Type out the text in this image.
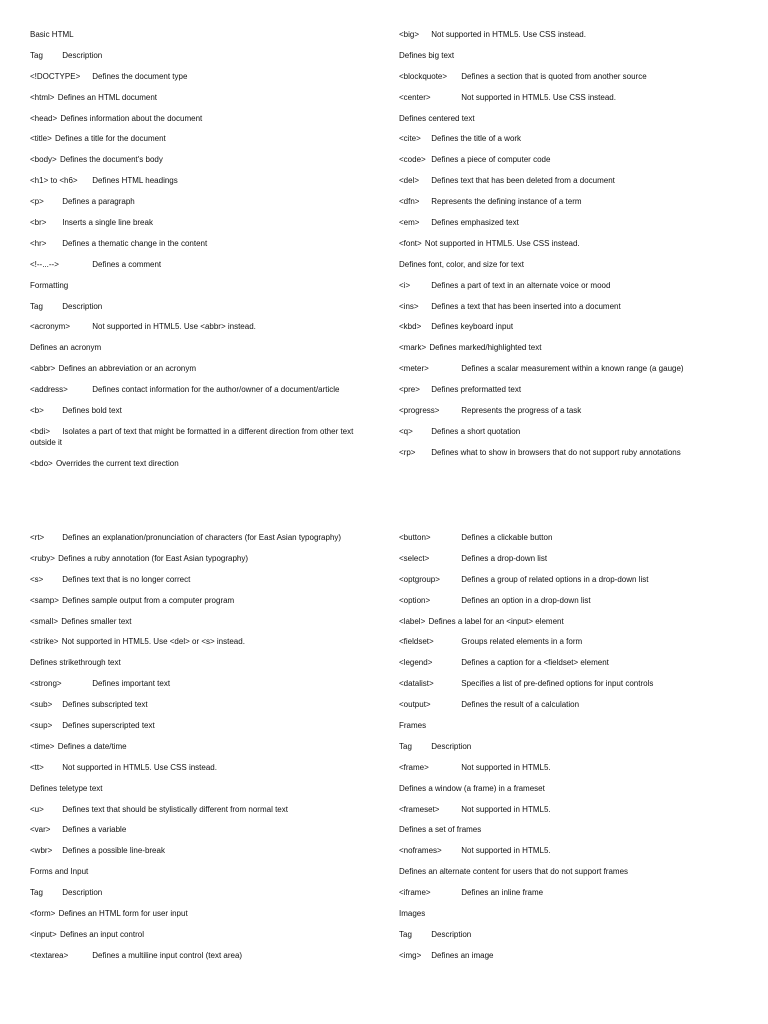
Basic HTML
Tag Description
<!DOCTYPE> Defines the document type
<html> Defines an HTML document
<head> Defines information about the document
<title> Defines a title for the document
<body> Defines the document's body
<h1> to <h6> Defines HTML headings
<p> Defines a paragraph
<br> Inserts a single line break
<hr> Defines a thematic change in the content
<!--...-->	Defines a comment
Formatting
Tag Description
<acronym>	Not supported in HTML5. Use <abbr> instead.
Defines an acronym
<abbr> Defines an abbreviation or an acronym
<address>	Defines contact information for the author/owner of a document/article
<b> Defines bold text
<bdi> Isolates a part of text that might be formatted in a different direction from other text outside it
<bdo> Overrides the current text direction
<big> Not supported in HTML5. Use CSS instead.
Defines big text
<blockquote> Defines a section that is quoted from another source
<center>	Not supported in HTML5. Use CSS instead.
Defines centered text
<cite> Defines the title of a work
<code> Defines a piece of computer code
<del> Defines text that has been deleted from a document
<dfn> Represents the defining instance of a term
<em> Defines emphasized text
<font> Not supported in HTML5. Use CSS instead.
Defines font, color, and size for text
<i>	Defines a part of text in an alternate voice or mood
<ins> Defines a text that has been inserted into a document
<kbd> Defines keyboard input
<mark> Defines marked/highlighted text
<meter>	Defines a scalar measurement within a known range (a gauge)
<pre> Defines preformatted text
<progress>	Represents the progress of a task
<q> Defines a short quotation
<rp> Defines what to show in browsers that do not support ruby annotations
<rt> Defines an explanation/pronunciation of characters (for East Asian typography)
<ruby> Defines a ruby annotation (for East Asian typography)
<s> Defines text that is no longer correct
<samp> Defines sample output from a computer program
<small> Defines smaller text
<strike> Not supported in HTML5. Use <del> or <s> instead.
Defines strikethrough text
<strong>	Defines important text
<sub> Defines subscripted text
<sup> Defines superscripted text
<time> Defines a date/time
<tt> Not supported in HTML5. Use CSS instead.
Defines teletype text
<u> Defines text that should be stylistically different from normal text
<var> Defines a variable
<wbr> Defines a possible line-break
Forms and Input
Tag Description
<form> Defines an HTML form for user input
<input> Defines an input control
<textarea>	Defines a multiline input control (text area)
<button>	Defines a clickable button
<select>	Defines a drop-down list
<optgroup>	Defines a group of related options in a drop-down list
<option>	Defines an option in a drop-down list
<label> Defines a label for an <input> element
<fieldset>	Groups related elements in a form
<legend>	Defines a caption for a <fieldset> element
<datalist>	Specifies a list of pre-defined options for input controls
<output>	Defines the result of a calculation
Frames
Tag Description
<frame>	Not supported in HTML5.
Defines a window (a frame) in a frameset
<frameset>	Not supported in HTML5.
Defines a set of frames
<noframes> Not supported in HTML5.
Defines an alternate content for users that do not support frames
<iframe>	Defines an inline frame
Images
Tag Description
<img> Defines an image
